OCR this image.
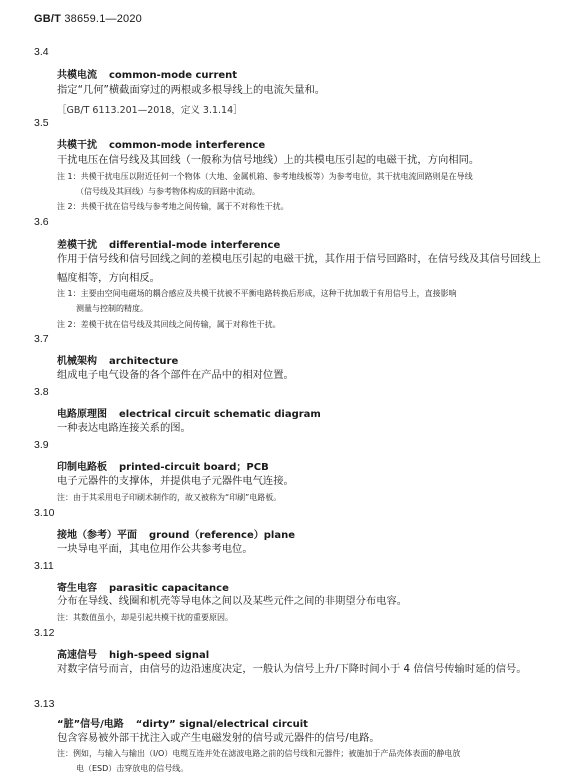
GB/T 38659.1—2020
3.4
共模电流 common-mode current
指定“几何”横截面穿过的两根或多根导线上的电流矢量和。
［GB/T 6113.201—2018，定义 3.1.14］
3.5
共模干扰 common-mode interference
干扰电压在信号线及其回线（一般称为信号地线）上的共模电压引起的电磁干扰，方向相同。
注 1：共模干扰电压以附近任何一个物体（大地、金属机箱、参考地线板等）为参考电位，其干扰电流回路则是在导线
（信号线及其回线）与参考物体构成的回路中流动。
注 2：共模干扰在信号线与参考地之间传输，属于不对称性干扰。
3.6
差模干扰 differential-mode interference
作用于信号线和信号回线之间的差模电压引起的电磁干扰，其作用于信号回路时，在信号线及其信号回线上幅度相等，方向相反。
注 1：主要由空间电磁场的耦合感应及共模干扰被不平衡电路转换后形成，这种干扰加载于有用信号上，直接影响
测量与控制的精度。
注 2：差模干扰在信号线及其回线之间传输，属于对称性干扰。
3.7
机械架构 architecture
组成电子电气设备的各个部件在产品中的相对位置。
3.8
电路原理图 electrical circuit schematic diagram
一种表达电路连接关系的图。
3.9
印制电路板 printed-circuit board；PCB
电子元器件的支撑体，并提供电子元器件电气连接。
注：由于其采用电子印刷术制作的，故又被称为“印刷”电路板。
3.10
接地（参考）平面 ground（reference）plane
一块导电平面，其电位用作公共参考电位。
3.11
寄生电容 parasitic capacitance
分布在导线、线圈和机壳等导电体之间以及某些元件之间的非期望分布电容。
注：其数值虽小，却是引起共模干扰的重要原因。
3.12
高速信号 high-speed signal
对数字信号而言，由信号的边沿速度决定，一般认为信号上升/下降时间小于 4 倍信号传输时延的信号。
3.13
“脏”信号/电路 “dirty” signal/electrical circuit
包含容易被外部干扰注入或产生电磁发射的信号或元器件的信号/电路。
注：例如，与输入与输出（I/O）电缆互连并处在滤波电路之前的信号线和元器件；被施加于产品壳体表面的静电放
电（ESD）击穿放电的信号线。
